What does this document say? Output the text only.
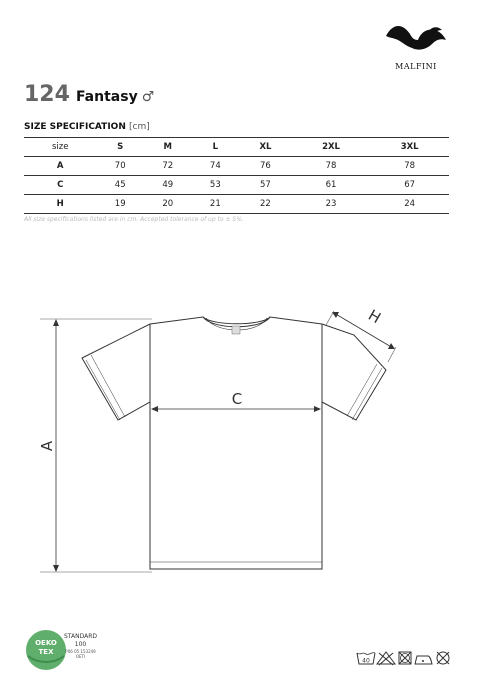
MALFINI
124 Fantasy ♂
SIZE SPECIFICATION [cm]
size	S	M	L	XL	2XL	3XL
A	70	72	74	76	78	78
C	45	49	53	57	61	67
H	19	20	21	22	23	24
All size specifications listed are in cm. Accepted tolerance of up to ± 5%.
A
C
H
OEKO
TEX
STANDARD
100
P06 05 153249
OETI
40
